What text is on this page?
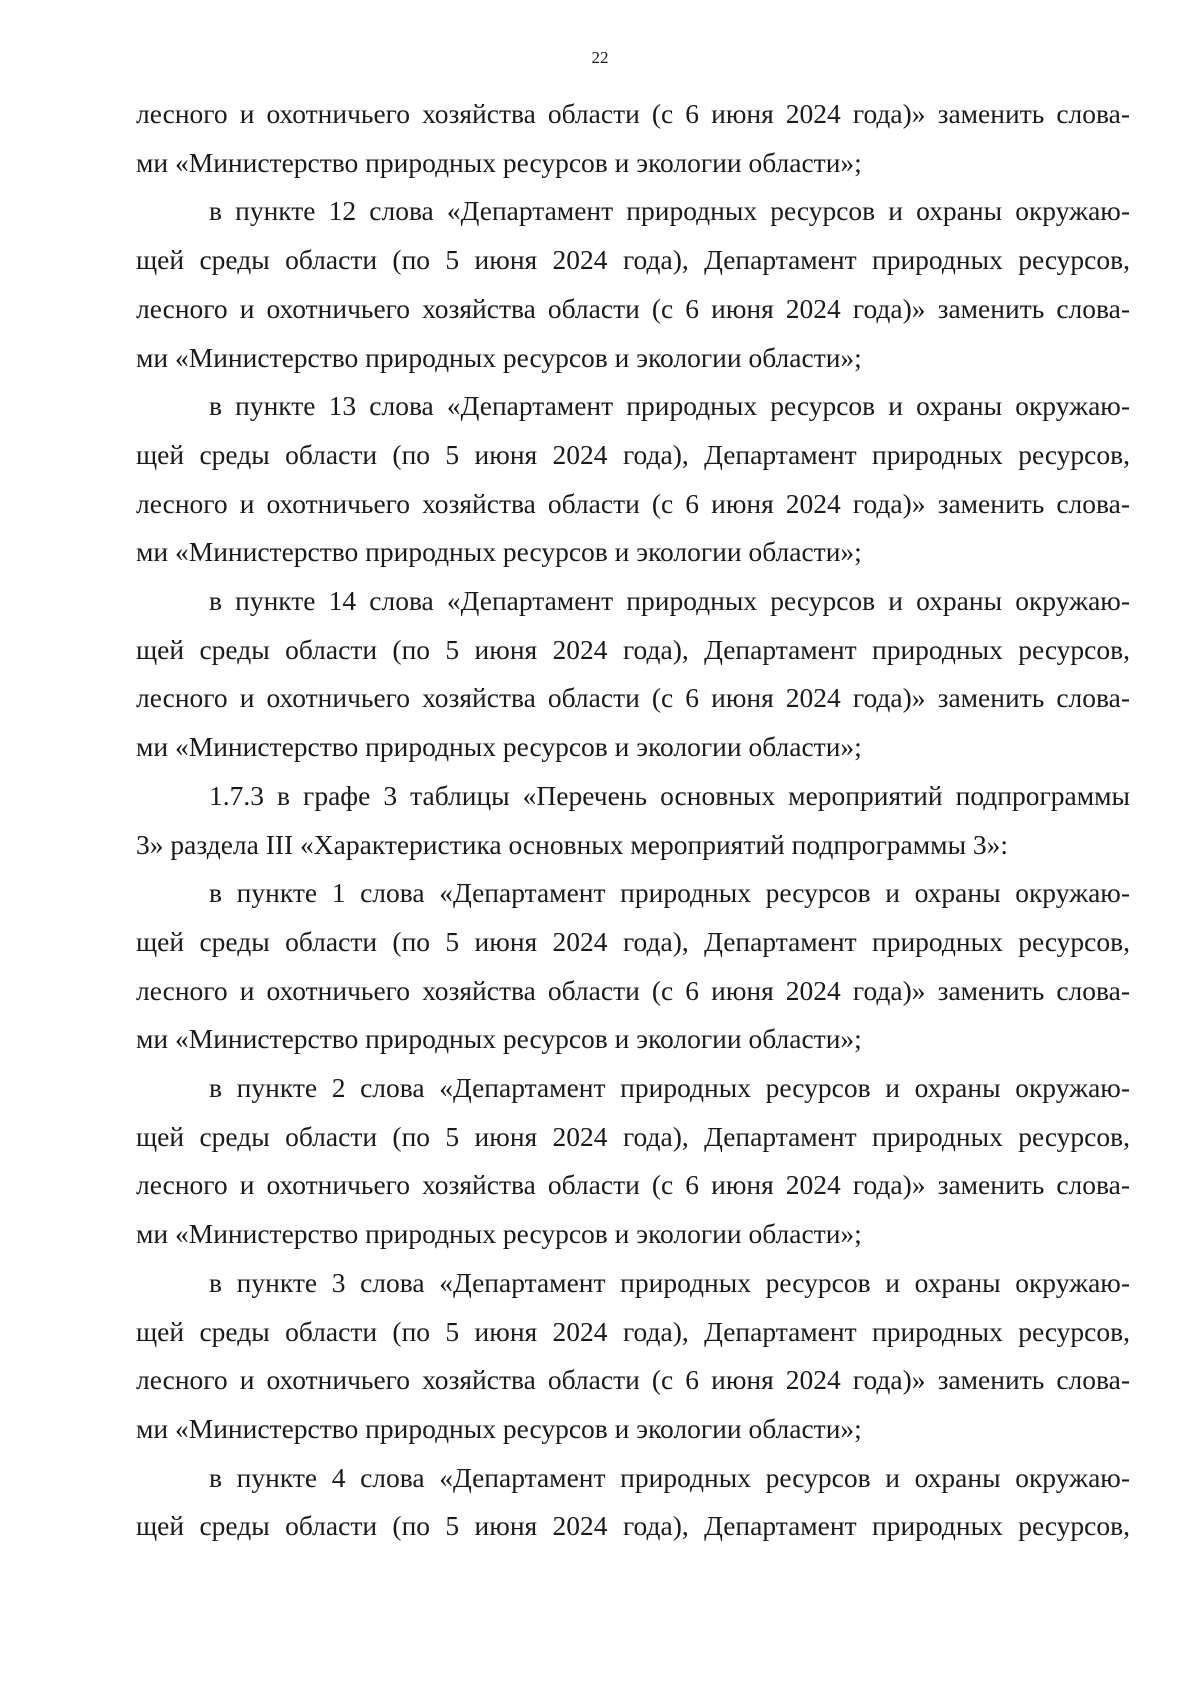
22
лесного и охотничьего хозяйства области (с 6 июня 2024 года)» заменить слова-
ми «Министерство природных ресурсов и экологии области»;
в пункте 12 слова «Департамент природных ресурсов и охраны окружаю-
щей среды области (по 5 июня 2024 года), Департамент природных ресурсов,
лесного и охотничьего хозяйства области (с 6 июня 2024 года)» заменить слова-
ми «Министерство природных ресурсов и экологии области»;
в пункте 13 слова «Департамент природных ресурсов и охраны окружаю-
щей среды области (по 5 июня 2024 года), Департамент природных ресурсов,
лесного и охотничьего хозяйства области (с 6 июня 2024 года)» заменить слова-
ми «Министерство природных ресурсов и экологии области»;
в пункте 14 слова «Департамент природных ресурсов и охраны окружаю-
щей среды области (по 5 июня 2024 года), Департамент природных ресурсов,
лесного и охотничьего хозяйства области (с 6 июня 2024 года)» заменить слова-
ми «Министерство природных ресурсов и экологии области»;
1.7.3 в графе 3 таблицы «Перечень основных мероприятий подпрограммы
3» раздела III «Характеристика основных мероприятий подпрограммы 3»:
в пункте 1 слова «Департамент природных ресурсов и охраны окружаю-
щей среды области (по 5 июня 2024 года), Департамент природных ресурсов,
лесного и охотничьего хозяйства области (с 6 июня 2024 года)» заменить слова-
ми «Министерство природных ресурсов и экологии области»;
в пункте 2 слова «Департамент природных ресурсов и охраны окружаю-
щей среды области (по 5 июня 2024 года), Департамент природных ресурсов,
лесного и охотничьего хозяйства области (с 6 июня 2024 года)» заменить слова-
ми «Министерство природных ресурсов и экологии области»;
в пункте 3 слова «Департамент природных ресурсов и охраны окружаю-
щей среды области (по 5 июня 2024 года), Департамент природных ресурсов,
лесного и охотничьего хозяйства области (с 6 июня 2024 года)» заменить слова-
ми «Министерство природных ресурсов и экологии области»;
в пункте 4 слова «Департамент природных ресурсов и охраны окружаю-
щей среды области (по 5 июня 2024 года), Департамент природных ресурсов,
